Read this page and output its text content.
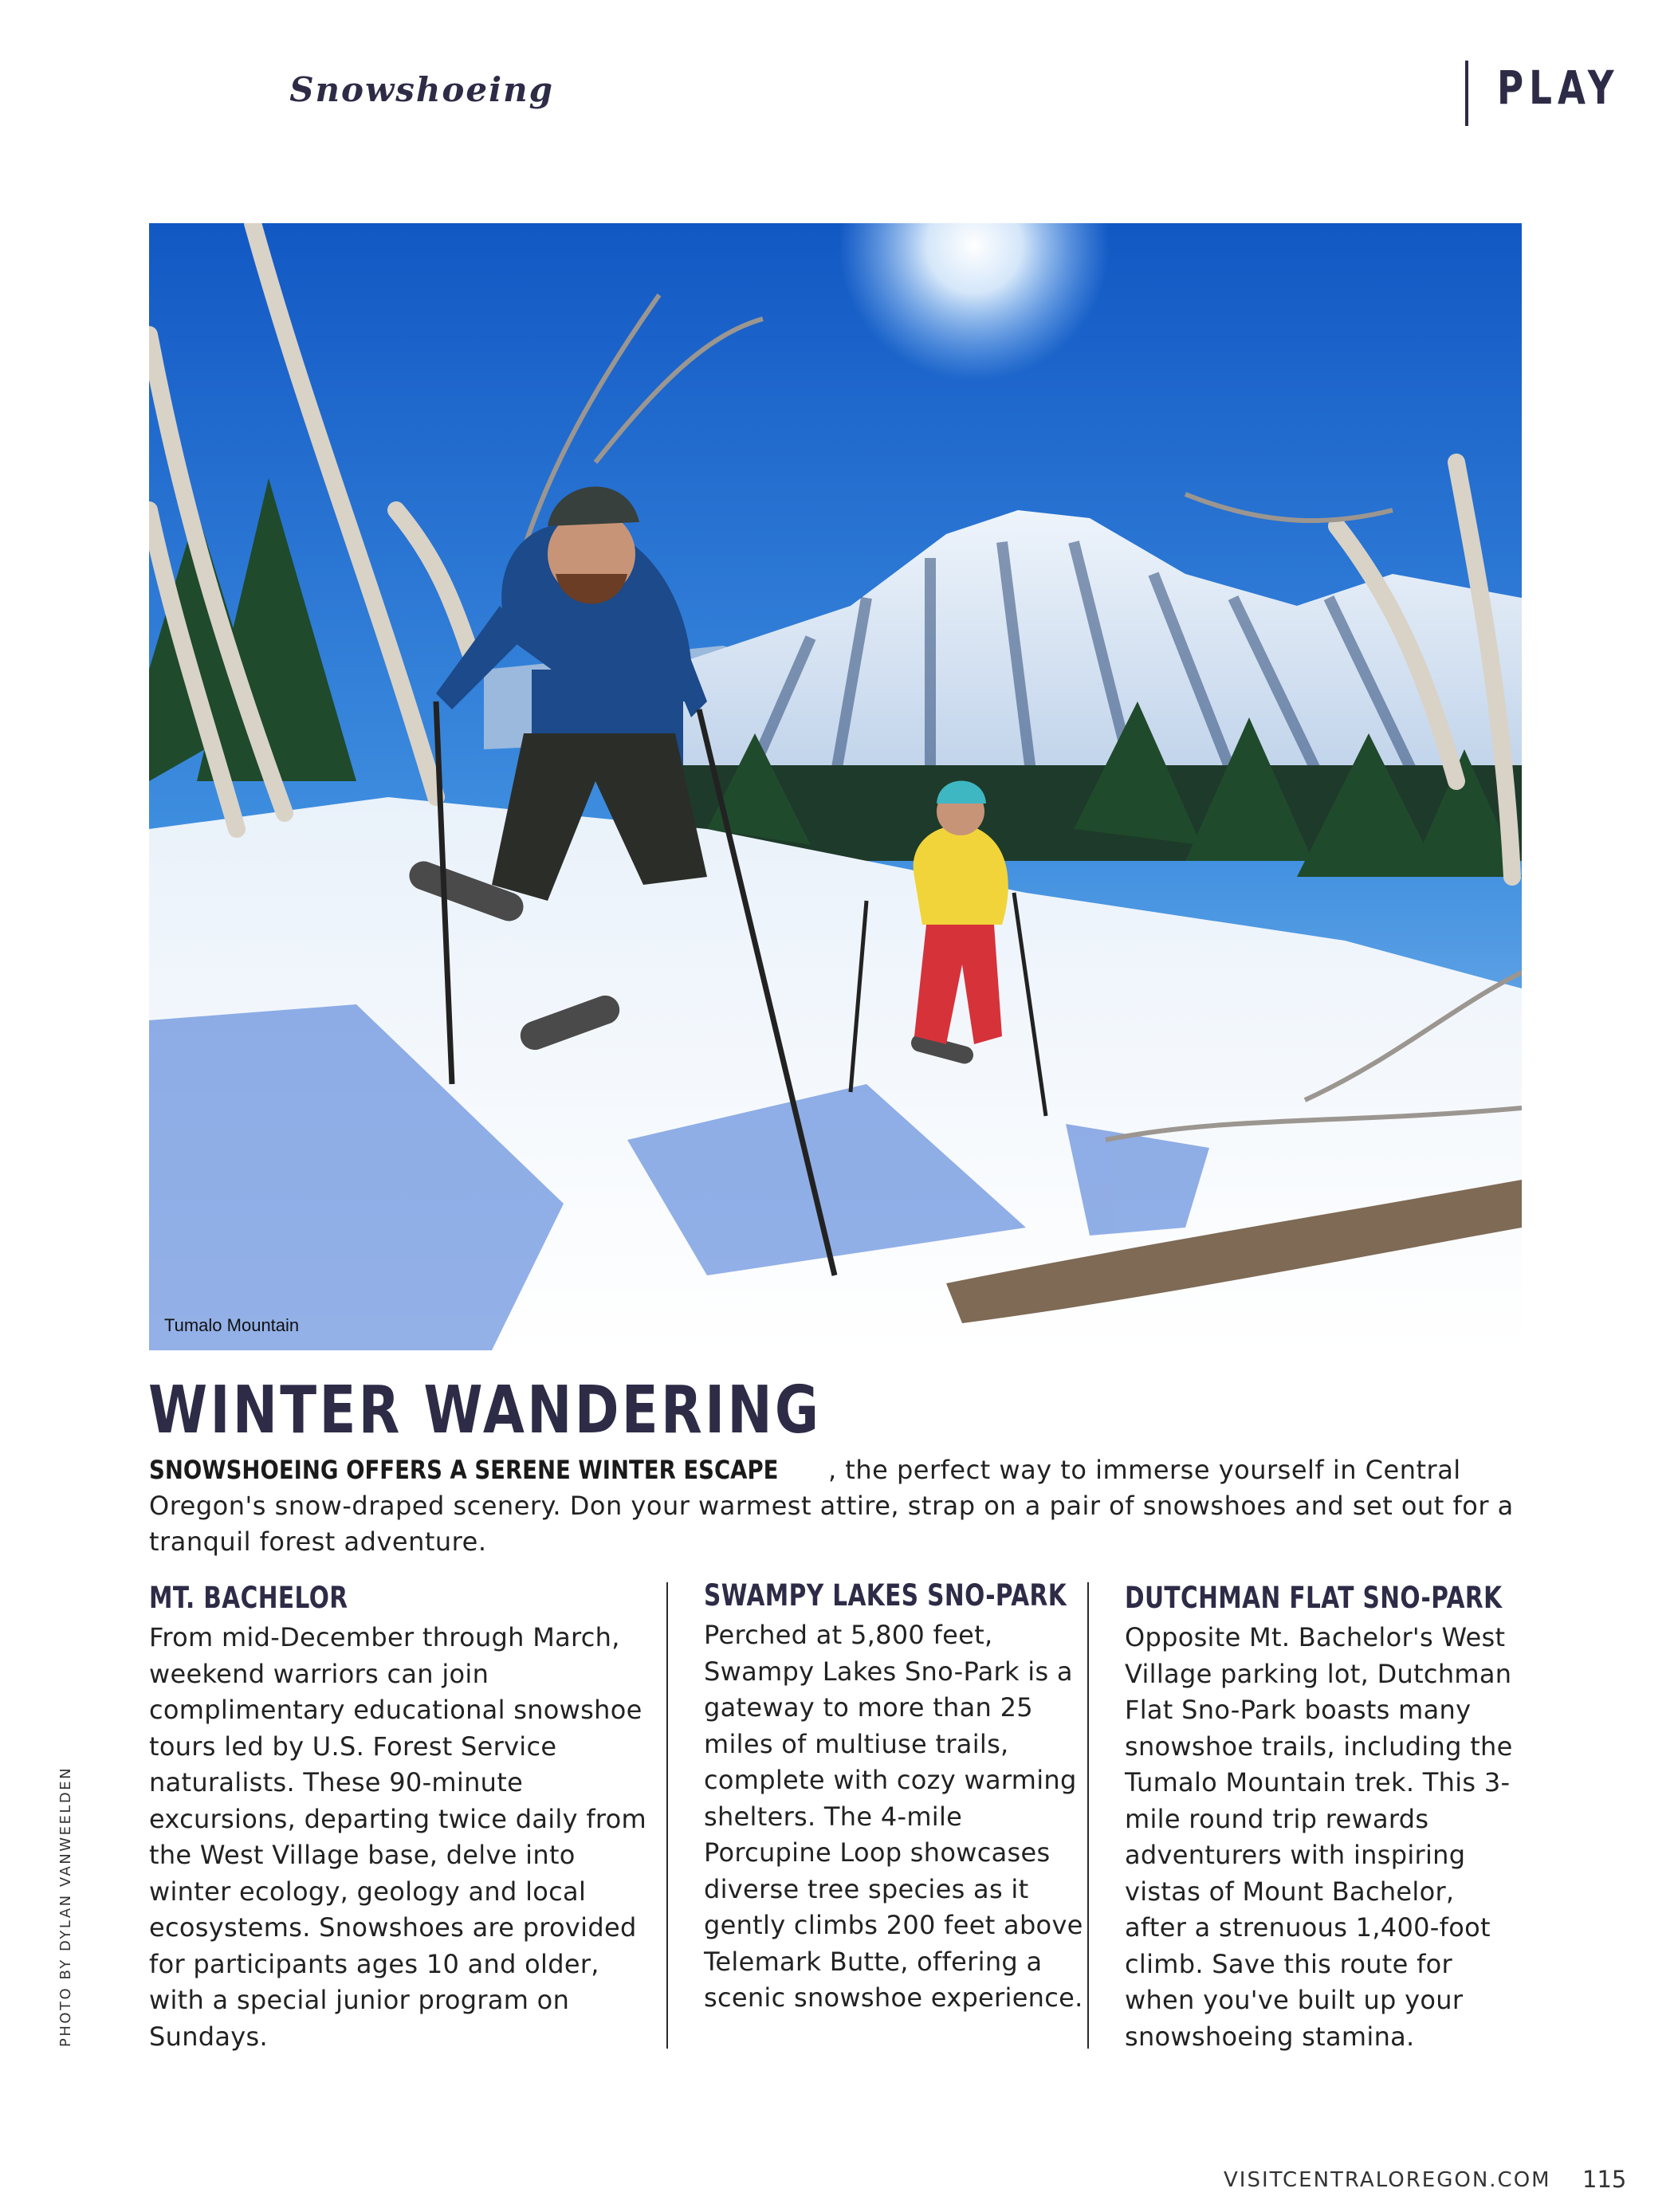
Snowshoeing	PLAY
Tumalo Mountain
WINTER WANDERING
SNOWSHOEING OFFERS A SERENE WINTER ESCAPE , the perfect way to immerse yourself in Central Oregon's snow-draped scenery. Don your warmest attire, strap on a pair of snowshoes and set out for a tranquil forest adventure.
MT. BACHELOR

From mid-December through March, weekend warriors can join complimentary educational snowshoe tours led by U.S. Forest Service naturalists. These 90-minute excursions, departing twice daily from the West Village base, delve into winter ecology, geology and local ecosystems. Snowshoes are provided for participants ages 10 and older, with a special junior program on Sundays.

SWAMPY LAKES SNO-PARK

Perched at 5,800 feet, Swampy Lakes Sno-Park is a gateway to more than 25 miles of multiuse trails, complete with cozy warming shelters. The 4-mile Porcupine Loop showcases diverse tree species as it gently climbs 200 feet above Telemark Butte, offering a scenic snowshoe experience.

DUTCHMAN FLAT SNO-PARK

Opposite Mt. Bachelor's West Village parking lot, Dutchman Flat Sno-Park boasts many snowshoe trails, including the Tumalo Mountain trek. This 3-mile round trip rewards adventurers with inspiring vistas of Mount Bachelor, after a strenuous 1,400-foot climb. Save this route for when you've built up your snowshoeing stamina.

PHOTO BY DYLAN VANWEELDEN
VISITCENTRALOREGON.COM 115
